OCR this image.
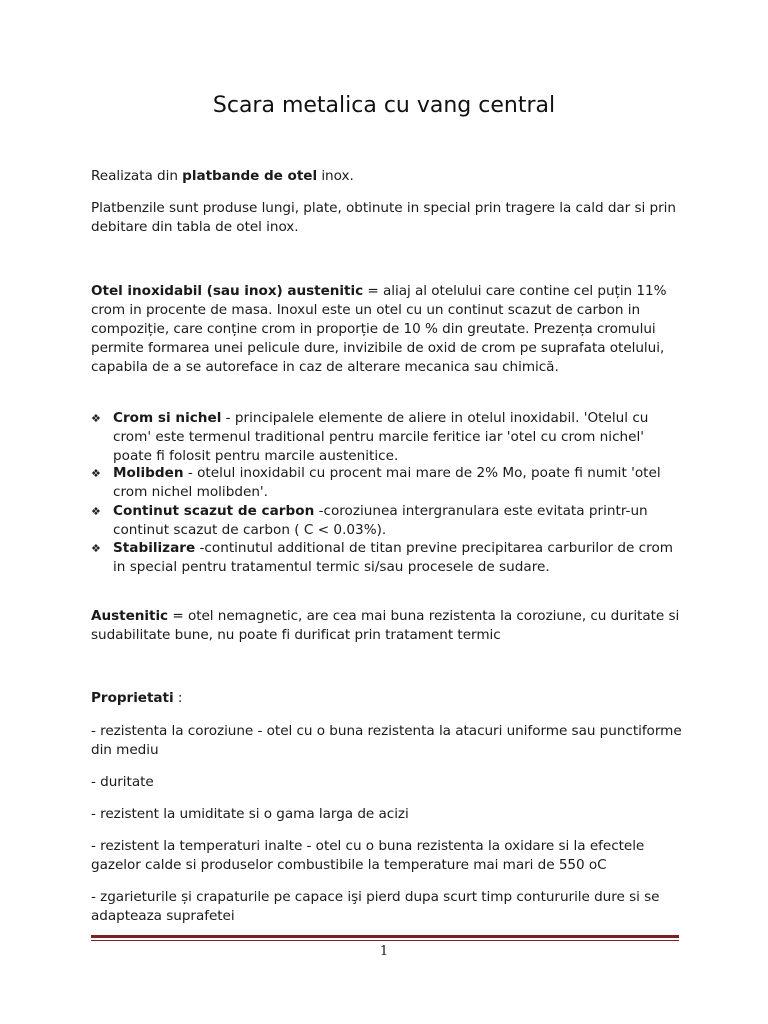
Scara metalica cu vang central

Realizata din platbande de otel inox.

Platbenzile sunt produse lungi, plate, obtinute in special prin tragere la cald dar si prin debitare din tabla de otel inox.

Otel inoxidabil (sau inox) austenitic = aliaj al otelului care contine cel puțin 11% crom in procente de masa. Inoxul este un otel cu un continut scazut de carbon in compoziție, care conține crom in proporție de 10 % din greutate. Prezența cromului permite formarea unei pelicule dure, invizibile de oxid de crom pe suprafata otelului, capabila de a se autoreface in caz de alterare mecanica sau chimică.

❖ Crom si nichel - principalele elemente de aliere in otelul inoxidabil. 'Otelul cu crom' este termenul traditional pentru marcile feritice iar 'otel cu crom nichel' poate fi folosit pentru marcile austenitice.
❖ Molibden - otelul inoxidabil cu procent mai mare de 2% Mo, poate fi numit 'otel crom nichel molibden'.
❖ Continut scazut de carbon -coroziunea intergranulara este evitata printr-un continut scazut de carbon ( C < 0.03%).
❖ Stabilizare -continutul additional de titan previne precipitarea carburilor de crom in special pentru tratamentul termic si/sau procesele de sudare.

Austenitic = otel nemagnetic, are cea mai buna rezistenta la coroziune, cu duritate si sudabilitate bune, nu poate fi durificat prin tratament termic

Proprietati :

- rezistenta la coroziune - otel cu o buna rezistenta la atacuri uniforme sau punctiforme din mediu

- duritate

- rezistent la umiditate si o gama larga de acizi

- rezistent la temperaturi inalte - otel cu o buna rezistenta la oxidare si la efectele gazelor calde si produselor combustibile la temperature mai mari de 550 oC

- zgarieturile și crapaturile pe capace işi pierd dupa scurt timp contururile dure si se adapteaza suprafetei

1
